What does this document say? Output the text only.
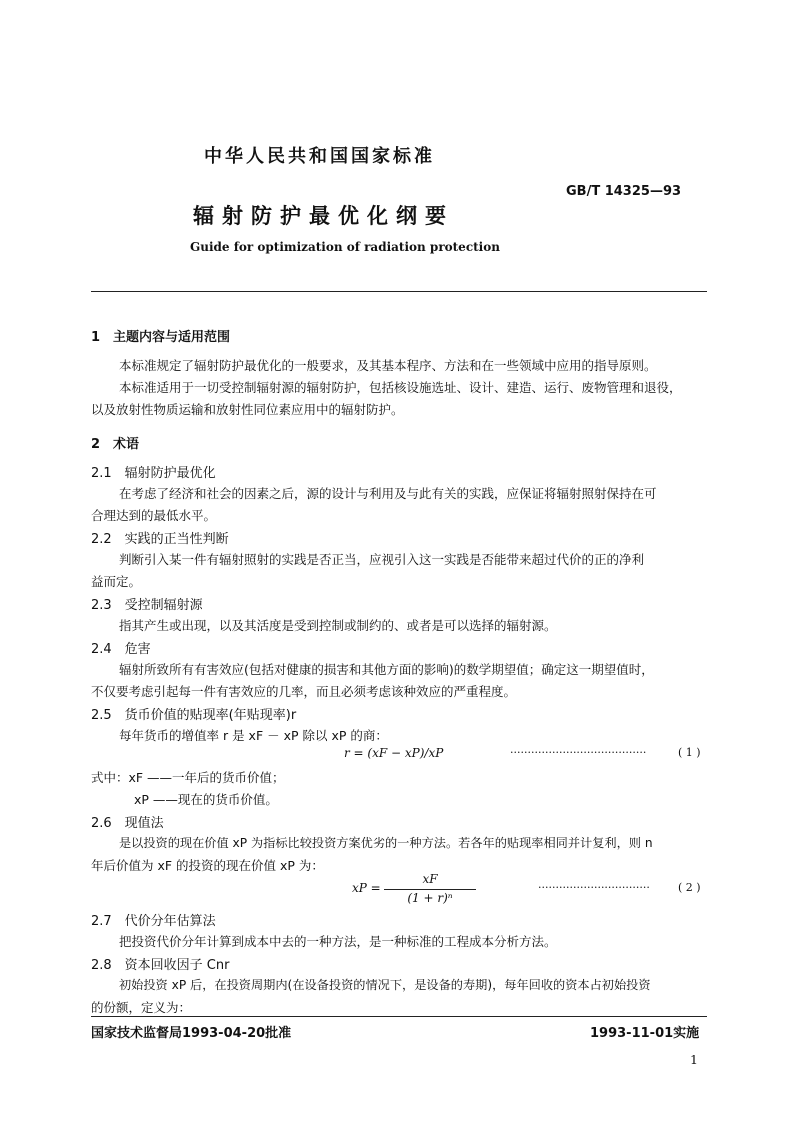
中华人民共和国国家标准
GB/T 14325—93
辐射防护最优化纲要
Guide for optimization of radiation protection
1　主题内容与适用范围
本标准规定了辐射防护最优化的一般要求，及其基本程序、方法和在一些领域中应用的指导原则。
本标准适用于一切受控制辐射源的辐射防护，包括核设施选址、设计、建造、运行、废物管理和退役，
以及放射性物质运输和放射性同位素应用中的辐射防护。
2　术语
2.1　辐射防护最优化
在考虑了经济和社会的因素之后，源的设计与利用及与此有关的实践，应保证将辐射照射保持在可
合理达到的最低水平。
2.2　实践的正当性判断
判断引入某一件有辐射照射的实践是否正当，应视引入这一实践是否能带来超过代价的正的净利
益而定。
2.3　受控制辐射源
指其产生或出现，以及其活度是受到控制或制约的、或者是可以选择的辐射源。
2.4　危害
辐射所致所有有害效应(包括对健康的损害和其他方面的影响)的数学期望值；确定这一期望值时，
不仅要考虑引起每一件有害效应的几率，而且必须考虑该种效应的严重程度。
2.5　货币价值的贴现率(年贴现率)r
每年货币的增值率 r 是 xF － xP 除以 xP 的商：
r = (xF − xP)/xP	·······································	( 1 )
式中：xF ——一年后的货币价值；
xP ——现在的货币价值。
2.6　现值法
是以投资的现在价值 xP 为指标比较投资方案优劣的一种方法。若各年的贴现率相同并计复利，则 n
年后价值为 xF 的投资的现在价值 xP 为：
xP =
xF
(1 + r)ⁿ
································	( 2 )
2.7　代价分年估算法
把投资代价分年计算到成本中去的一种方法，是一种标准的工程成本分析方法。
2.8　资本回收因子 Cnr
初始投资 xP 后，在投资周期内(在设备投资的情况下，是设备的寿期)，每年回收的资本占初始投资
的份额，定义为：
国家技术监督局1993-04-20批准	1993-11-01实施
1
